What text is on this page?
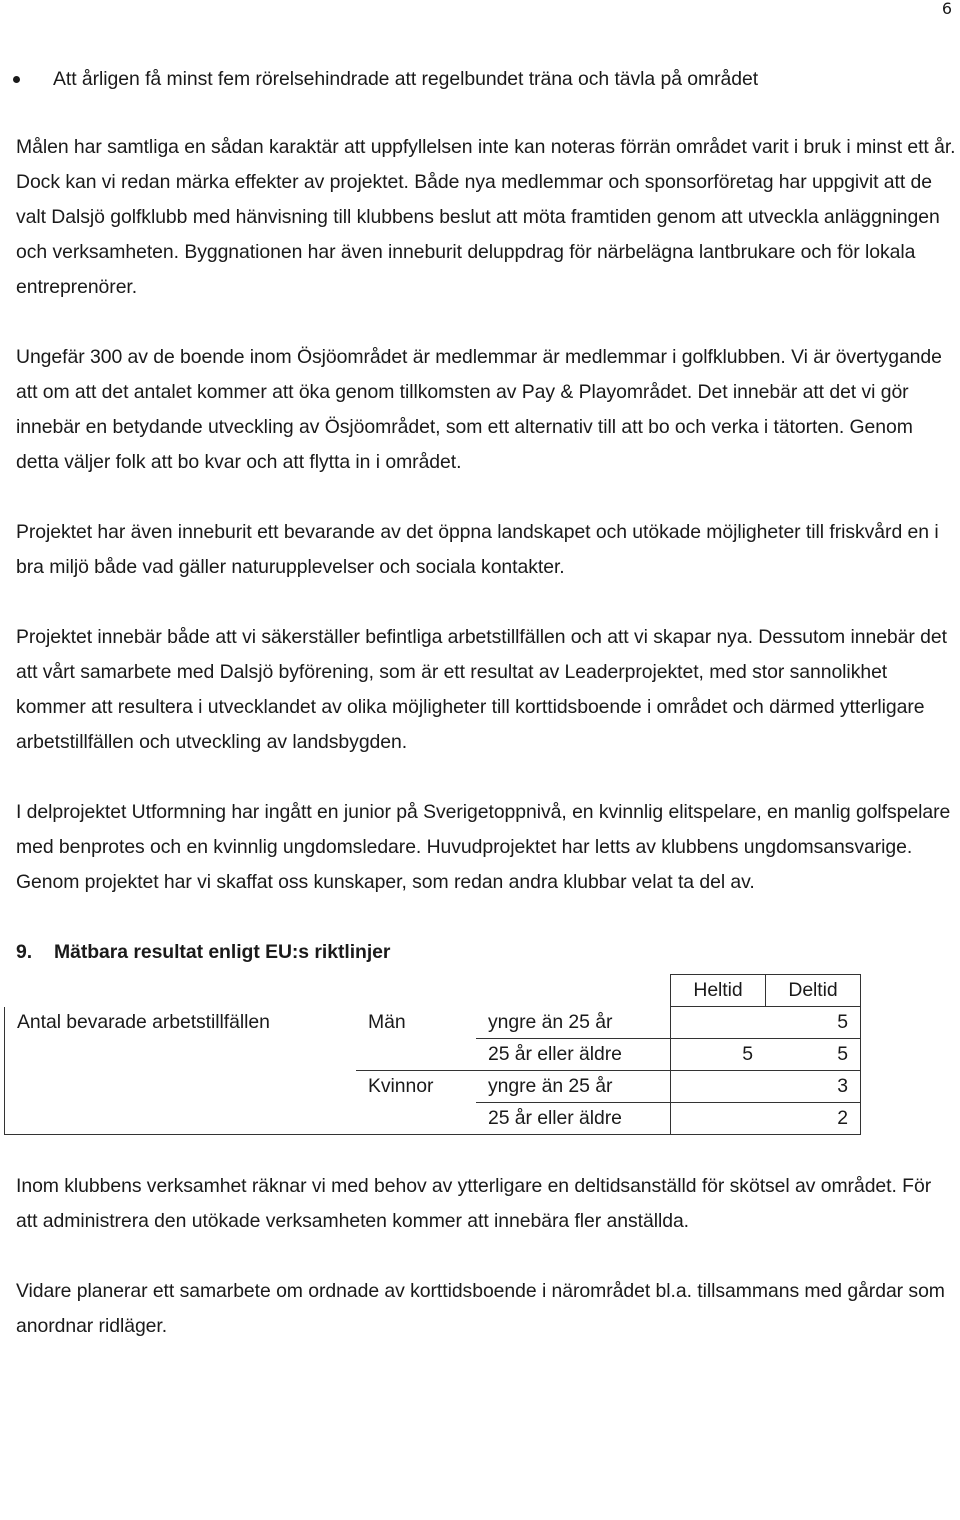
6
Att årligen få minst fem rörelsehindrade att regelbundet träna och tävla på området

Målen har samtliga en sådan karaktär att uppfyllelsen inte kan noteras förrän området varit i bruk i minst ett år. Dock kan vi redan märka effekter av projektet. Både nya medlemmar och sponsorföretag har uppgivit att de valt Dalsjö golfklubb med hänvisning till klubbens beslut att möta framtiden genom att utveckla anläggningen och verksamheten. Byggnationen har även inneburit deluppdrag för närbelägna lantbrukare och för lokala entreprenörer.

Ungefär 300 av de boende inom Ösjöområdet är medlemmar är medlemmar i golfklubben. Vi är övertygande att om att det antalet kommer att öka genom tillkomsten av Pay & Playområdet. Det innebär att det vi gör innebär en betydande utveckling av Ösjöområdet, som ett alternativ till att bo och verka i tätorten. Genom detta väljer folk att bo kvar och att flytta in i området.

Projektet har även inneburit ett bevarande av det öppna landskapet och utökade möjligheter till friskvård en i bra miljö både vad gäller naturupplevelser och sociala kontakter.

Projektet innebär både att vi säkerställer befintliga arbetstillfällen och att vi skapar nya. Dessutom innebär det att vårt samarbete med Dalsjö byförening, som är ett resultat av Leaderprojektet, med stor sannolikhet kommer att resultera i utvecklandet av olika möjligheter till korttidsboende i området och därmed ytterligare arbetstillfällen och utveckling av landsbygden.

I delprojektet Utformning har ingått en junior på Sverigetoppnivå, en kvinnlig elitspelare, en manlig golfspelare med benprotes och en kvinnlig ungdomsledare. Huvudprojektet har letts av klubbens ungdomsansvarige. Genom projektet har vi skaffat oss kunskaper, som redan andra klubbar velat ta del av.

9. Mätbara resultat enligt EU:s riktlinjer
			Heltid	Deltid
Antal bevarade arbetstillfällen	Män	yngre än 25 år		5
		25 år eller äldre	5	5
	Kvinnor	yngre än 25 år		3
		25 år eller äldre		2

Inom klubbens verksamhet räknar vi med behov av ytterligare en deltidsanställd för skötsel av området. För att administrera den utökade verksamheten kommer att innebära fler anställda.

Vidare planerar ett samarbete om ordnade av korttidsboende i närområdet bl.a. tillsammans med gårdar som anordnar ridläger.
